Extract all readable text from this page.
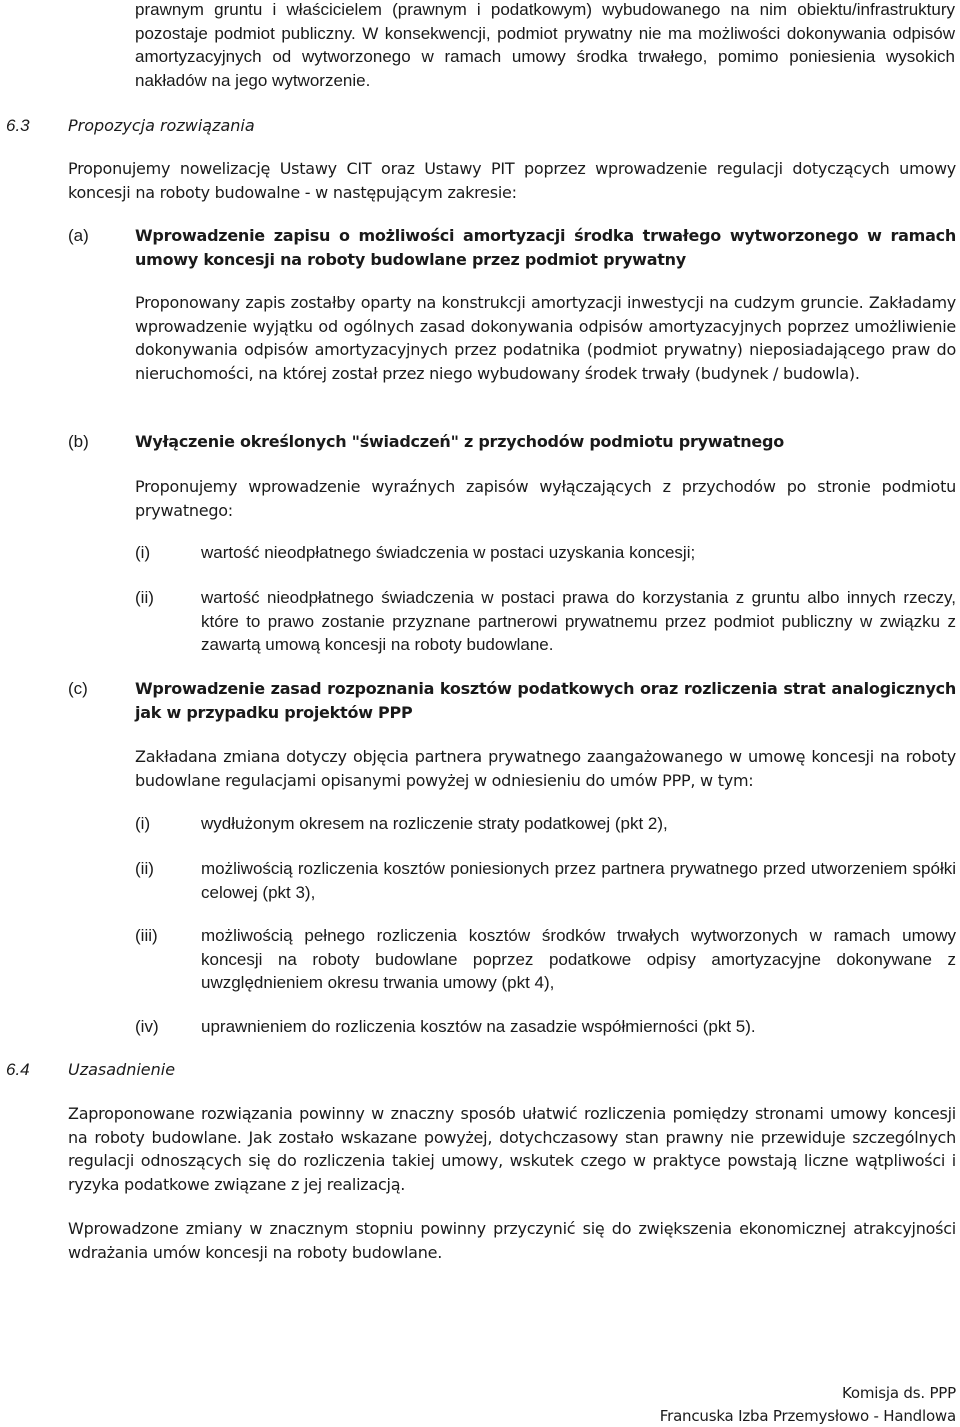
prawnym gruntu i właścicielem (prawnym i podatkowym) wybudowanego na nim obiektu/infrastruktury pozostaje podmiot publiczny. W konsekwencji, podmiot prywatny nie ma możliwości dokonywania odpisów amortyzacyjnych od wytworzonego w ramach umowy środka trwałego, pomimo poniesienia wysokich nakładów na jego wytworzenie.
6.3 Propozycja rozwiązania
Proponujemy nowelizację Ustawy CIT oraz Ustawy PIT poprzez wprowadzenie regulacji dotyczących umowy koncesji na roboty budowalne - w następującym zakresie:
(a)	Wprowadzenie zapisu o możliwości amortyzacji środka trwałego wytworzonego w ramach umowy koncesji na roboty budowlane przez podmiot prywatny
Proponowany zapis zostałby oparty na konstrukcji amortyzacji inwestycji na cudzym gruncie. Zakładamy wprowadzenie wyjątku od ogólnych zasad dokonywania odpisów amortyzacyjnych poprzez umożliwienie dokonywania odpisów amortyzacyjnych przez podatnika (podmiot prywatny) nieposiadającego praw do nieruchomości, na której został przez niego wybudowany środek trwały (budynek / budowla).
(b)	Wyłączenie określonych "świadczeń" z przychodów podmiotu prywatnego
Proponujemy wprowadzenie wyraźnych zapisów wyłączających z przychodów po stronie podmiotu prywatnego:
(i)	wartość nieodpłatnego świadczenia w postaci uzyskania koncesji;
(ii)	wartość nieodpłatnego świadczenia w postaci prawa do korzystania z gruntu albo innych rzeczy, które to prawo zostanie przyznane partnerowi prywatnemu przez podmiot publiczny w związku z zawartą umową koncesji na roboty budowlane.
(c)	Wprowadzenie zasad rozpoznania kosztów podatkowych oraz rozliczenia strat analogicznych jak w przypadku projektów PPP
Zakładana zmiana dotyczy objęcia partnera prywatnego zaangażowanego w umowę koncesji na roboty budowlane regulacjami opisanymi powyżej w odniesieniu do umów PPP, w tym:
(i)	wydłużonym okresem na rozliczenie straty podatkowej (pkt 2),
(ii)	możliwością rozliczenia kosztów poniesionych przez partnera prywatnego przed utworzeniem spółki celowej (pkt 3),
(iii)	możliwością pełnego rozliczenia kosztów środków trwałych wytworzonych w ramach umowy koncesji na roboty budowlane poprzez podatkowe odpisy amortyzacyjne dokonywane z uwzględnieniem okresu trwania umowy (pkt 4),
(iv) uprawnieniem do rozliczenia kosztów na zasadzie współmierności (pkt 5).
6.4 Uzasadnienie
Zaproponowane rozwiązania powinny w znaczny sposób ułatwić rozliczenia pomiędzy stronami umowy koncesji na roboty budowlane. Jak zostało wskazane powyżej, dotychczasowy stan prawny nie przewiduje szczególnych regulacji odnoszących się do rozliczenia takiej umowy, wskutek czego w praktyce powstają liczne wątpliwości i ryzyka podatkowe związane z jej realizacją.
Wprowadzone zmiany w znacznym stopniu powinny przyczynić się do zwiększenia ekonomicznej atrakcyjności wdrażania umów koncesji na roboty budowlane.
Komisja ds. PPP
Francuska Izba Przemysłowo - Handlowa
